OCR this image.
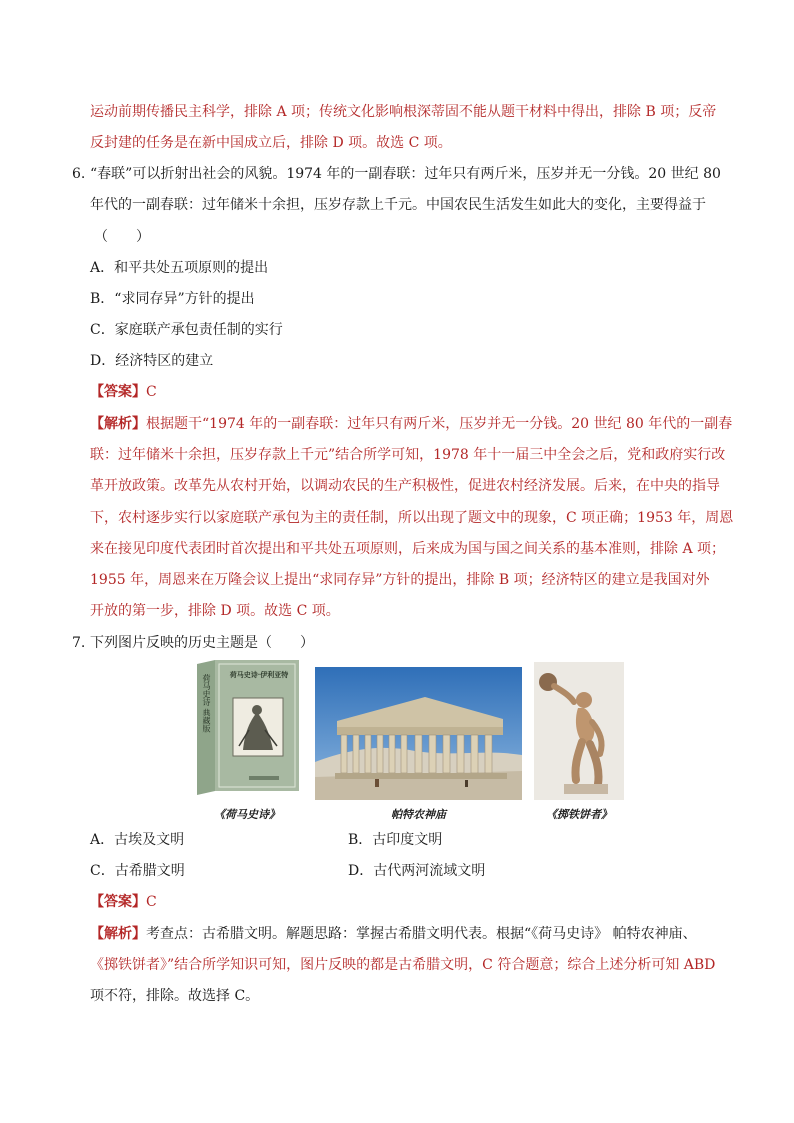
运动前期传播民主科学，排除 A 项；传统文化影响根深蒂固不能从题干材料中得出，排除 B 项；反帝
反封建的任务是在新中国成立后，排除 D 项。故选 C 项。
6. “春联”可以折射出社会的风貌。1974 年的一副春联：过年只有两斤米，压岁并无一分钱。20 世纪 80
年代的一副春联：过年储米十余担，压岁存款上千元。中国农民生活发生如此大的变化，主要得益于
（　　）
A．和平共处五项原则的提出
B．“求同存异”方针的提出
C．家庭联产承包责任制的实行
D．经济特区的建立
【答案】C
【解析】根据题干“1974 年的一副春联：过年只有两斤米，压岁并无一分钱。20 世纪 80 年代的一副春
联：过年储米十余担，压岁存款上千元”结合所学可知，1978 年十一届三中全会之后，党和政府实行改
革开放政策。改革先从农村开始，以调动农民的生产积极性，促进农村经济发展。后来，在中央的指导
下，农村逐步实行以家庭联产承包为主的责任制，所以出现了题文中的现象，C 项正确；1953 年，周恩
来在接见印度代表团时首次提出和平共处五项原则，后来成为国与国之间关系的基本准则，排除 A 项；
1955 年，周恩来在万隆会议上提出“求同存异”方针的提出，排除 B 项；经济特区的建立是我国对外
开放的第一步，排除 D 项。故选 C 项。
7. 下列图片反映的历史主题是（　　）
荷马史诗·伊利亚特
荷马史诗 典藏版
《荷马史诗》	帕特农神庙	《掷铁饼者》
A．古埃及文明	B．古印度文明
C．古希腊文明	D．古代两河流域文明
【答案】C
【解析】考查点：古希腊文明。解题思路：掌握古希腊文明代表。根据“《荷马史诗》 帕特农神庙、
《掷铁饼者》”结合所学知识可知，图片反映的都是古希腊文明，C 符合题意；综合上述分析可知 ABD
项不符，排除。故选择 C。
